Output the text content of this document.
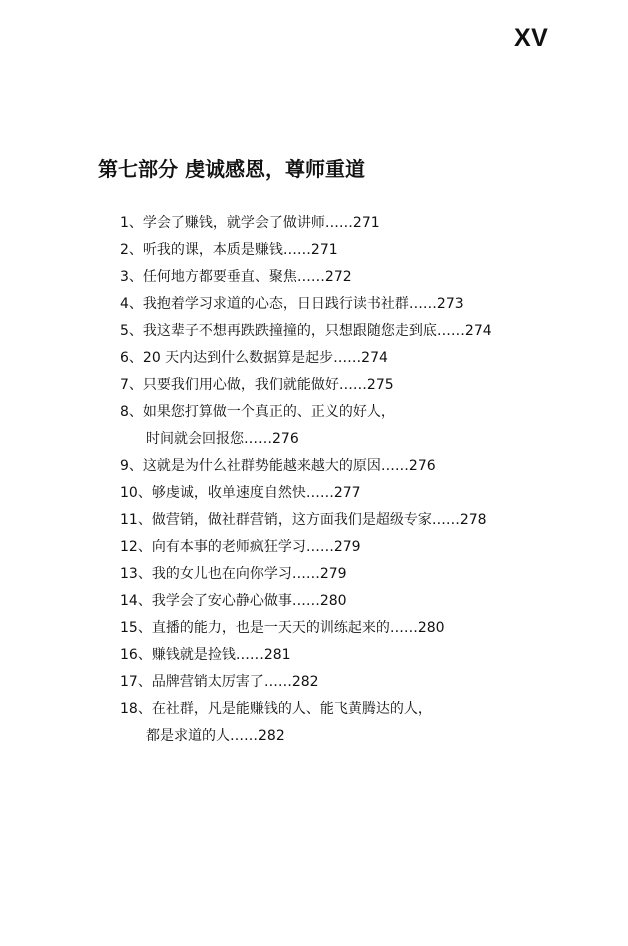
XV
第七部分 虔诚感恩，尊师重道
1、学会了赚钱，就学会了做讲师……271
2、听我的课，本质是赚钱……271
3、任何地方都要垂直、聚焦……272
4、我抱着学习求道的心态，日日践行读书社群……273
5、我这辈子不想再跌跌撞撞的，只想跟随您走到底……274
6、20 天内达到什么数据算是起步……274
7、只要我们用心做，我们就能做好……275
8、如果您打算做一个真正的、正义的好人，
时间就会回报您……276
9、这就是为什么社群势能越来越大的原因……276
10、够虔诚，收单速度自然快……277
11、做营销，做社群营销，这方面我们是超级专家……278
12、向有本事的老师疯狂学习……279
13、我的女儿也在向你学习……279
14、我学会了安心静心做事……280
15、直播的能力，也是一天天的训练起来的……280
16、赚钱就是捡钱……281
17、品牌营销太厉害了……282
18、在社群，凡是能赚钱的人、能飞黄腾达的人，
都是求道的人……282
